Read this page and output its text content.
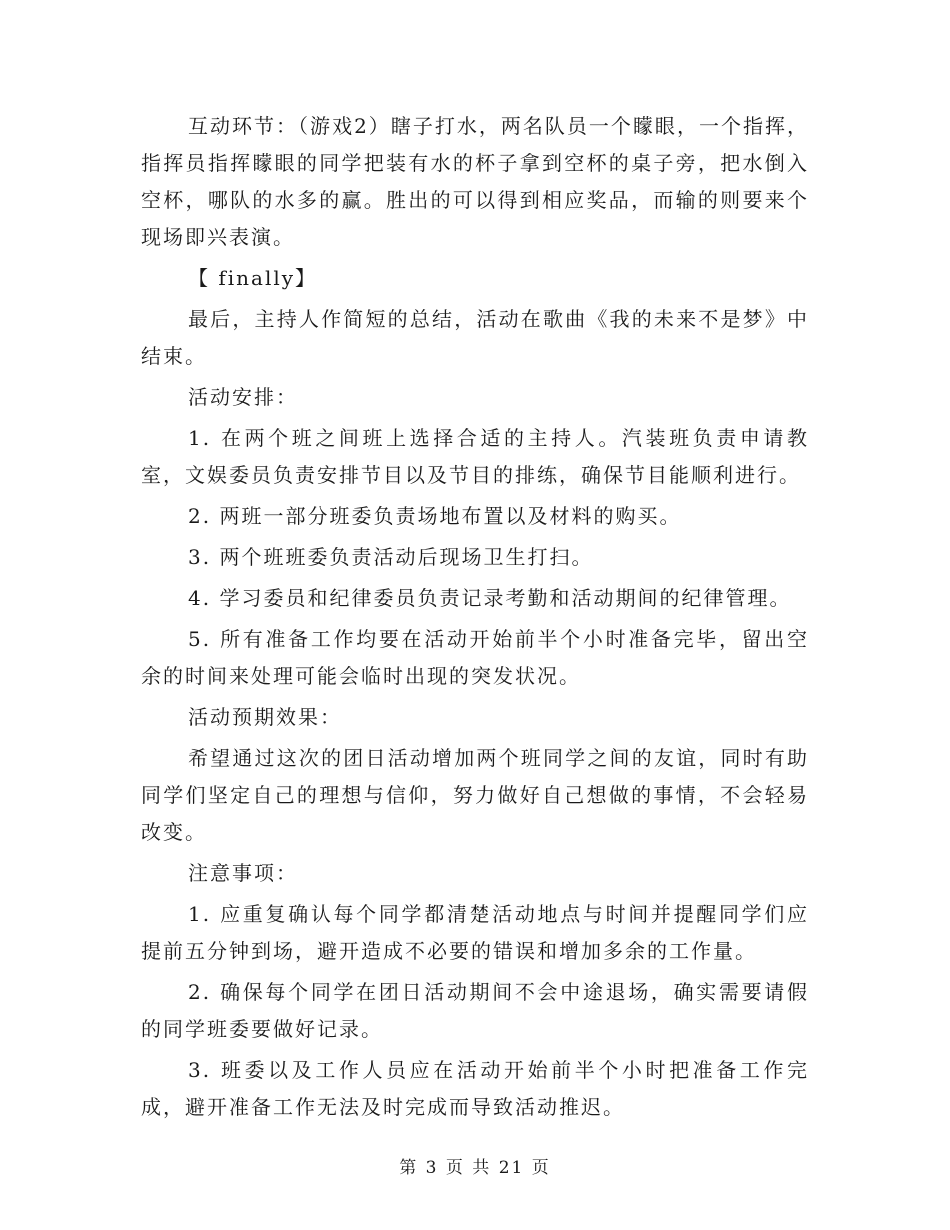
互动环节：（游戏2）瞎子打水，两名队员一个矇眼，一个指挥，指挥员指挥矇眼的同学把装有水的杯子拿到空杯的桌子旁，把水倒入空杯，哪队的水多的赢。胜出的可以得到相应奖品，而输的则要来个现场即兴表演。

【 finally】

最后，主持人作简短的总结，活动在歌曲《我的未来不是梦》中结束。

活动安排：

1. 在两个班之间班上选择合适的主持人。汽装班负责申请教室，文娱委员负责安排节目以及节目的排练，确保节目能顺利进行。

2. 两班一部分班委负责场地布置以及材料的购买。

3. 两个班班委负责活动后现场卫生打扫。

4. 学习委员和纪律委员负责记录考勤和活动期间的纪律管理。

5. 所有准备工作均要在活动开始前半个小时准备完毕，留出空余的时间来处理可能会临时出现的突发状况。

活动预期效果：

希望通过这次的团日活动增加两个班同学之间的友谊，同时有助同学们坚定自己的理想与信仰，努力做好自己想做的事情，不会轻易改变。

注意事项：

1. 应重复确认每个同学都清楚活动地点与时间并提醒同学们应提前五分钟到场，避开造成不必要的错误和增加多余的工作量。

2. 确保每个同学在团日活动期间不会中途退场，确实需要请假的同学班委要做好记录。

3. 班委以及工作人员应在活动开始前半个小时把准备工作完成，避开准备工作无法及时完成而导致活动推迟。

第 3 页 共 21 页
